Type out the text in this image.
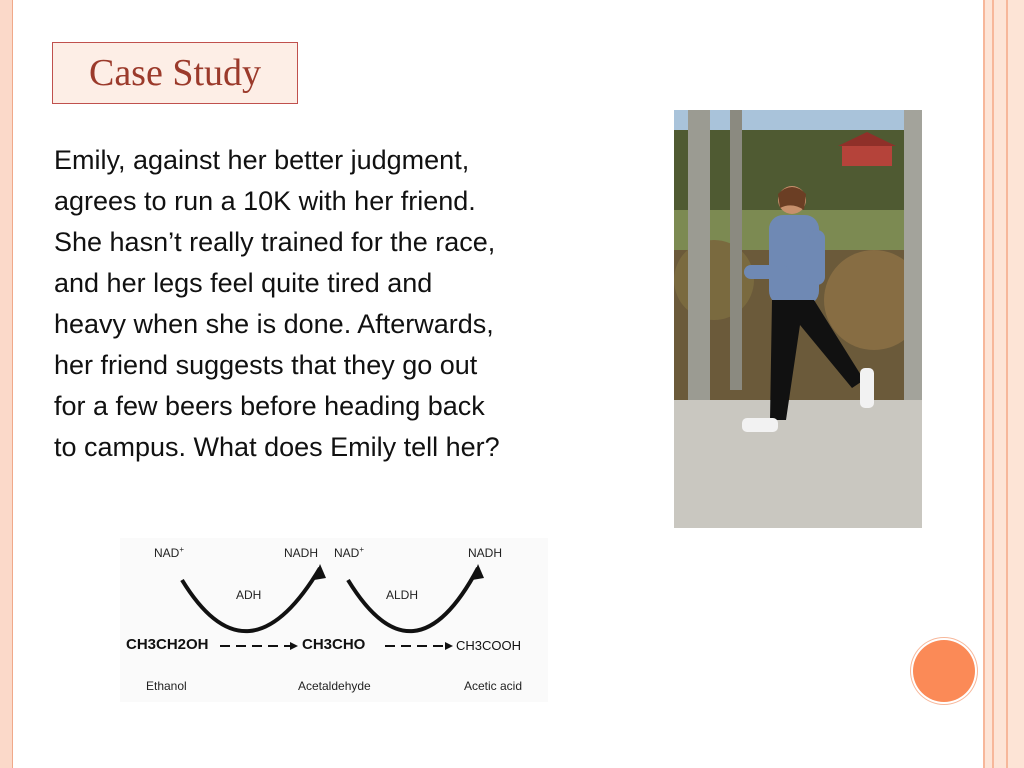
Case Study

Emily, against her better judgment,
agrees to run a 10K with her friend.
She hasn’t really trained for the race,
and her legs feel quite tired and
heavy when she is done. Afterwards,
her friend suggests that they go out
for a few beers before heading back
to campus. What does Emily tell her?

NAD+	NADH NAD+	NADH
ADH	ALDH
CH3CH2OH	CH3CHO	CH3COOH
Ethanol	Acetaldehyde	Acetic acid
